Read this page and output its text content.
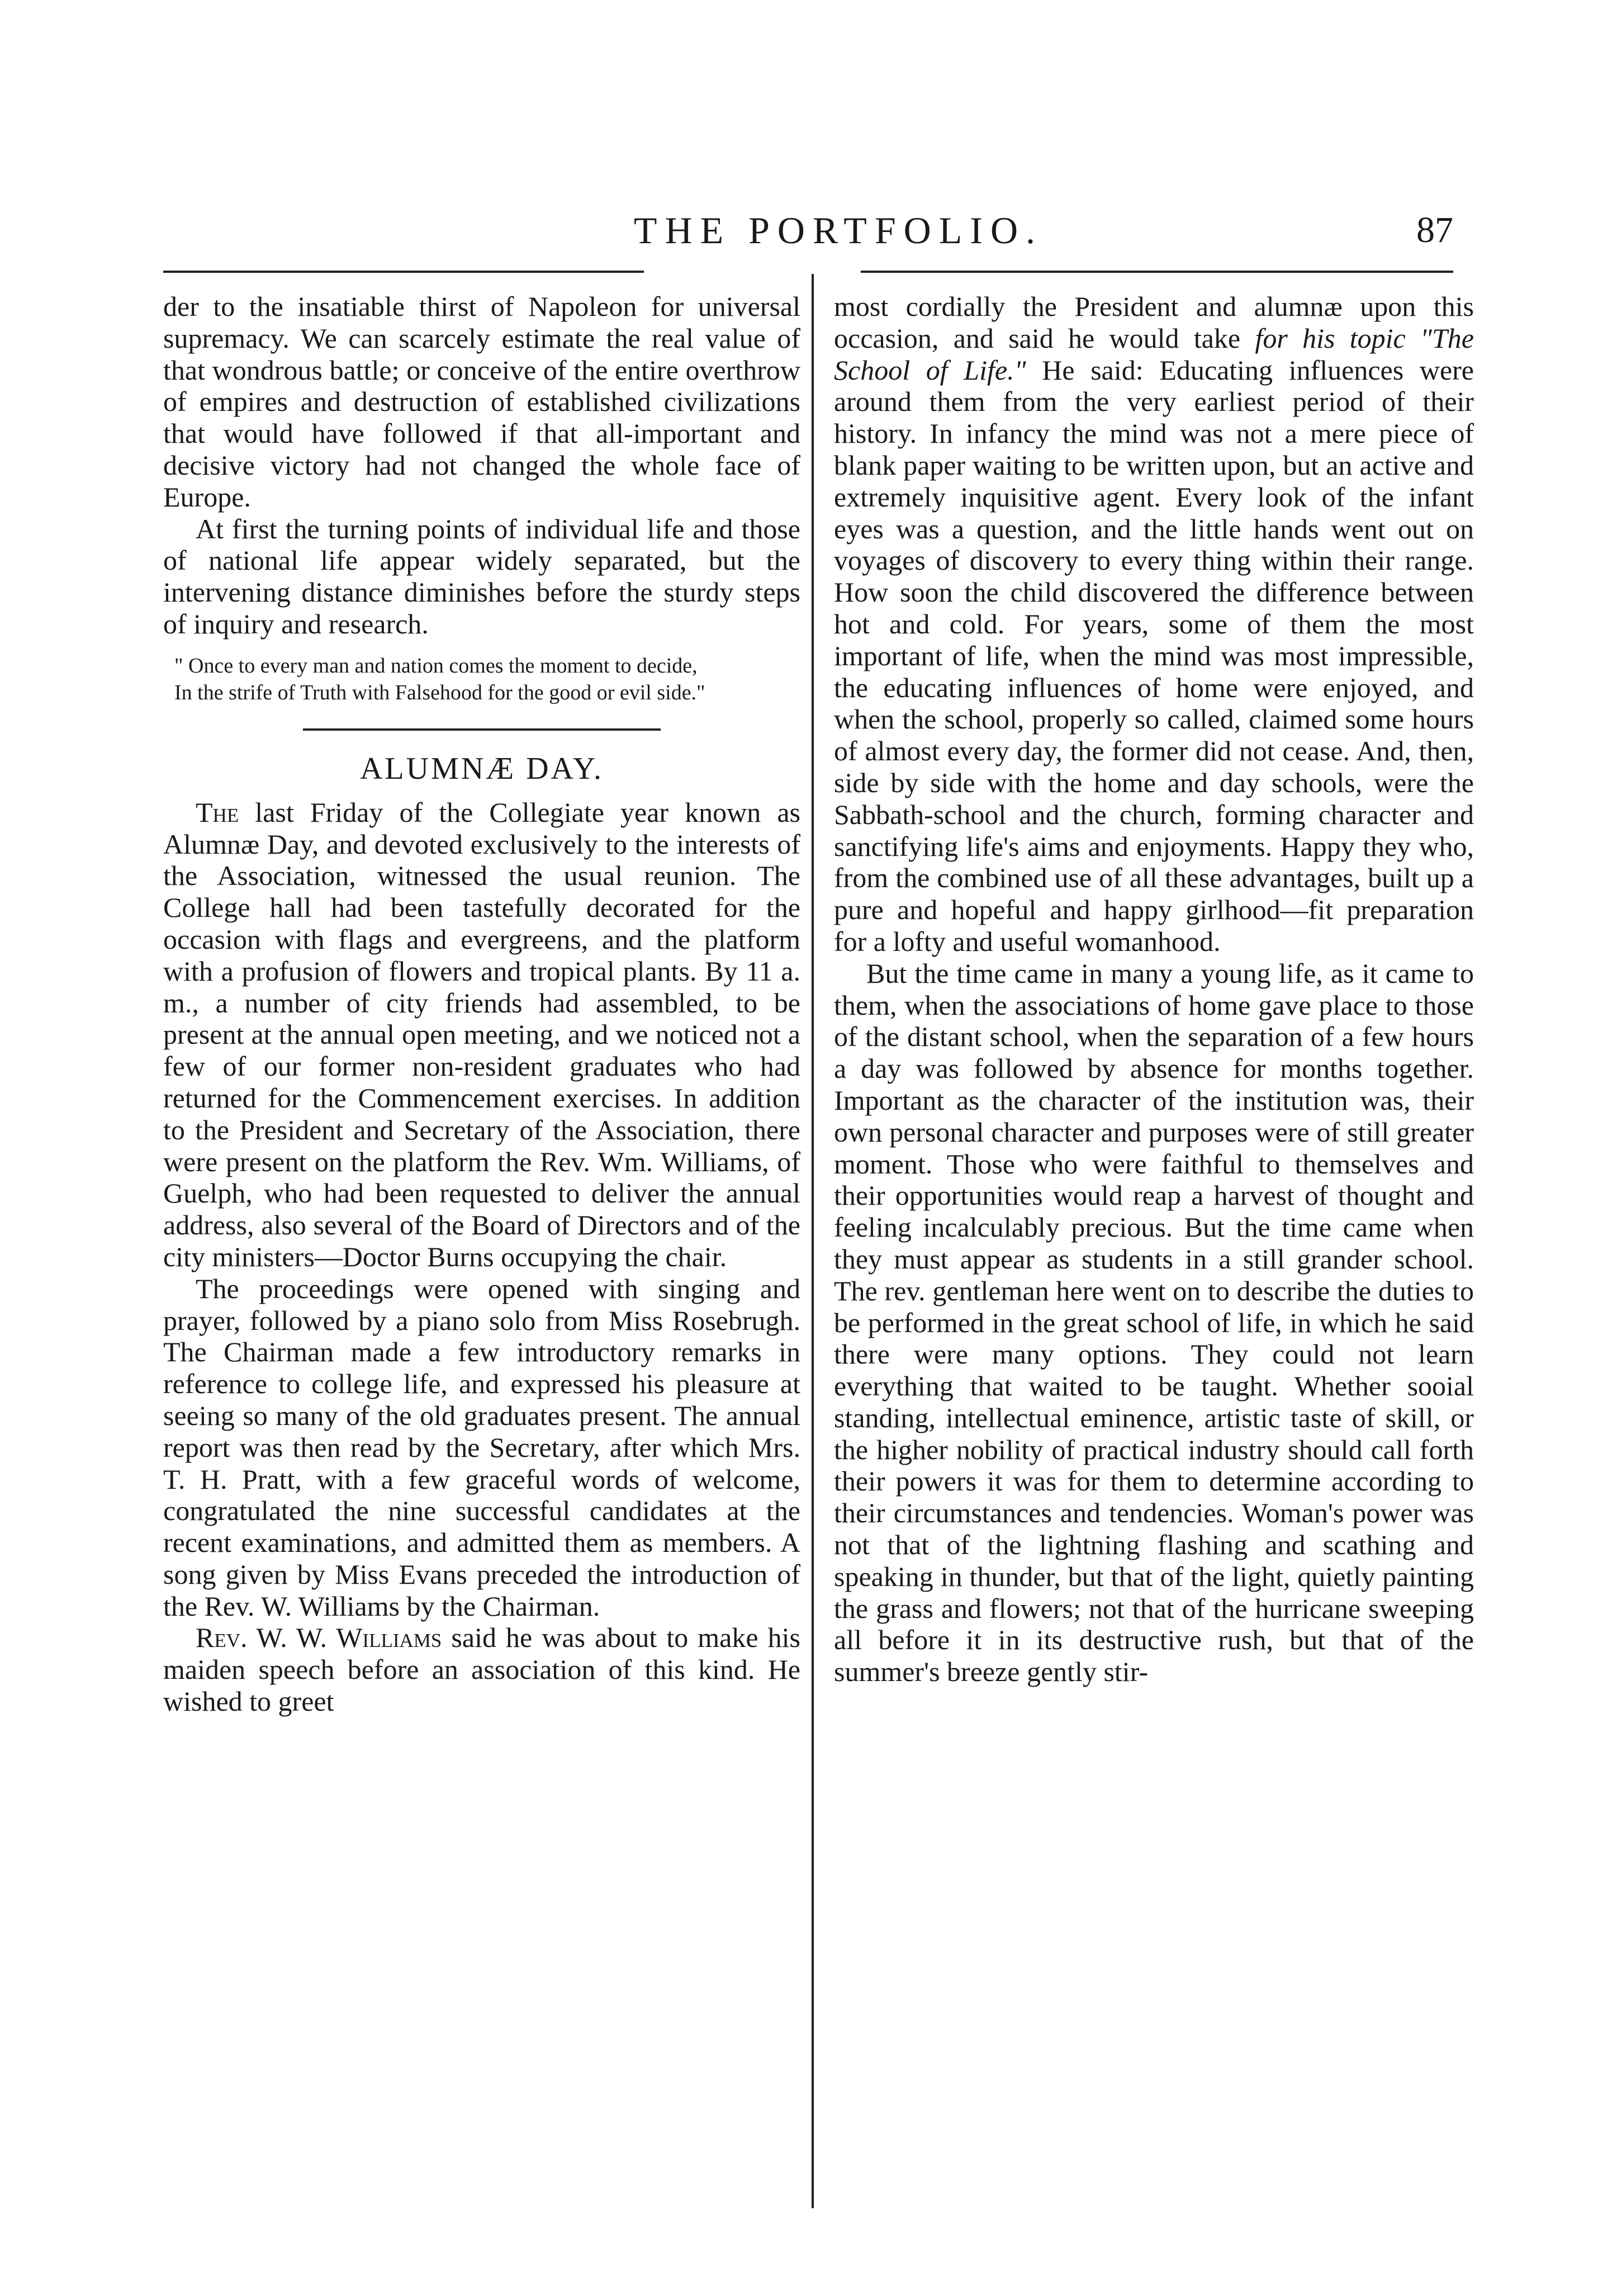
THE PORTFOLIO.	87

der to the insatiable thirst of Napoleon for universal supremacy. We can scarcely estimate the real value of that wondrous battle; or conceive of the entire overthrow of empires and destruction of established civilizations that would have followed if that all-important and decisive victory had not changed the whole face of Europe.

At first the turning points of individual life and those of national life appear widely separated, but the intervening distance diminishes before the sturdy steps of inquiry and research.

" Once to every man and nation comes the moment to decide,
In the strife of Truth with Falsehood for the good or evil side."
ALUMNÆ DAY.

The last Friday of the Collegiate year known as Alumnæ Day, and devoted exclusively to the interests of the Association, witnessed the usual reunion. The College hall had been tastefully decorated for the occasion with flags and evergreens, and the platform with a profusion of flowers and tropical plants. By 11 a. m., a number of city friends had assembled, to be present at the annual open meeting, and we noticed not a few of our former non-resident graduates who had returned for the Commencement exercises. In addition to the President and Secretary of the Association, there were present on the platform the Rev. Wm. Williams, of Guelph, who had been requested to deliver the annual address, also several of the Board of Directors and of the city ministers—Doctor Burns occupying the chair.

The proceedings were opened with singing and prayer, followed by a piano solo from Miss Rosebrugh. The Chairman made a few introductory remarks in reference to college life, and expressed his pleasure at seeing so many of the old graduates present. The annual report was then read by the Secretary, after which Mrs. T. H. Pratt, with a few graceful words of welcome, congratulated the nine successful candidates at the recent examinations, and admitted them as members. A song given by Miss Evans preceded the introduction of the Rev. W. Williams by the Chairman.

Rev. W. W. Williams said he was about to make his maiden speech before an association of this kind. He wished to greet

most cordially the President and alumnæ upon this occasion, and said he would take for his topic "The School of Life." He said: Educating influences were around them from the very earliest period of their history. In infancy the mind was not a mere piece of blank paper waiting to be written upon, but an active and extremely inquisitive agent. Every look of the infant eyes was a question, and the little hands went out on voyages of discovery to every thing within their range. How soon the child discovered the difference between hot and cold. For years, some of them the most important of life, when the mind was most impressible, the educating influences of home were enjoyed, and when the school, properly so called, claimed some hours of almost every day, the former did not cease. And, then, side by side with the home and day schools, were the Sabbath-school and the church, forming character and sanctifying life's aims and enjoyments. Happy they who, from the combined use of all these advantages, built up a pure and hopeful and happy girlhood—fit preparation for a lofty and useful womanhood.

But the time came in many a young life, as it came to them, when the associations of home gave place to those of the distant school, when the separation of a few hours a day was followed by absence for months together. Important as the character of the institution was, their own personal character and purposes were of still greater moment. Those who were faithful to themselves and their opportunities would reap a harvest of thought and feeling incalculably precious. But the time came when they must appear as students in a still grander school. The rev. gentleman here went on to describe the duties to be performed in the great school of life, in which he said there were many options. They could not learn everything that waited to be taught. Whether sooial standing, intellectual eminence, artistic taste of skill, or the higher nobility of practical industry should call forth their powers it was for them to determine according to their circumstances and tendencies. Woman's power was not that of the lightning flashing and scathing and speaking in thunder, but that of the light, quietly painting the grass and flowers; not that of the hurricane sweeping all before it in its destructive rush, but that of the summer's breeze gently stir-
